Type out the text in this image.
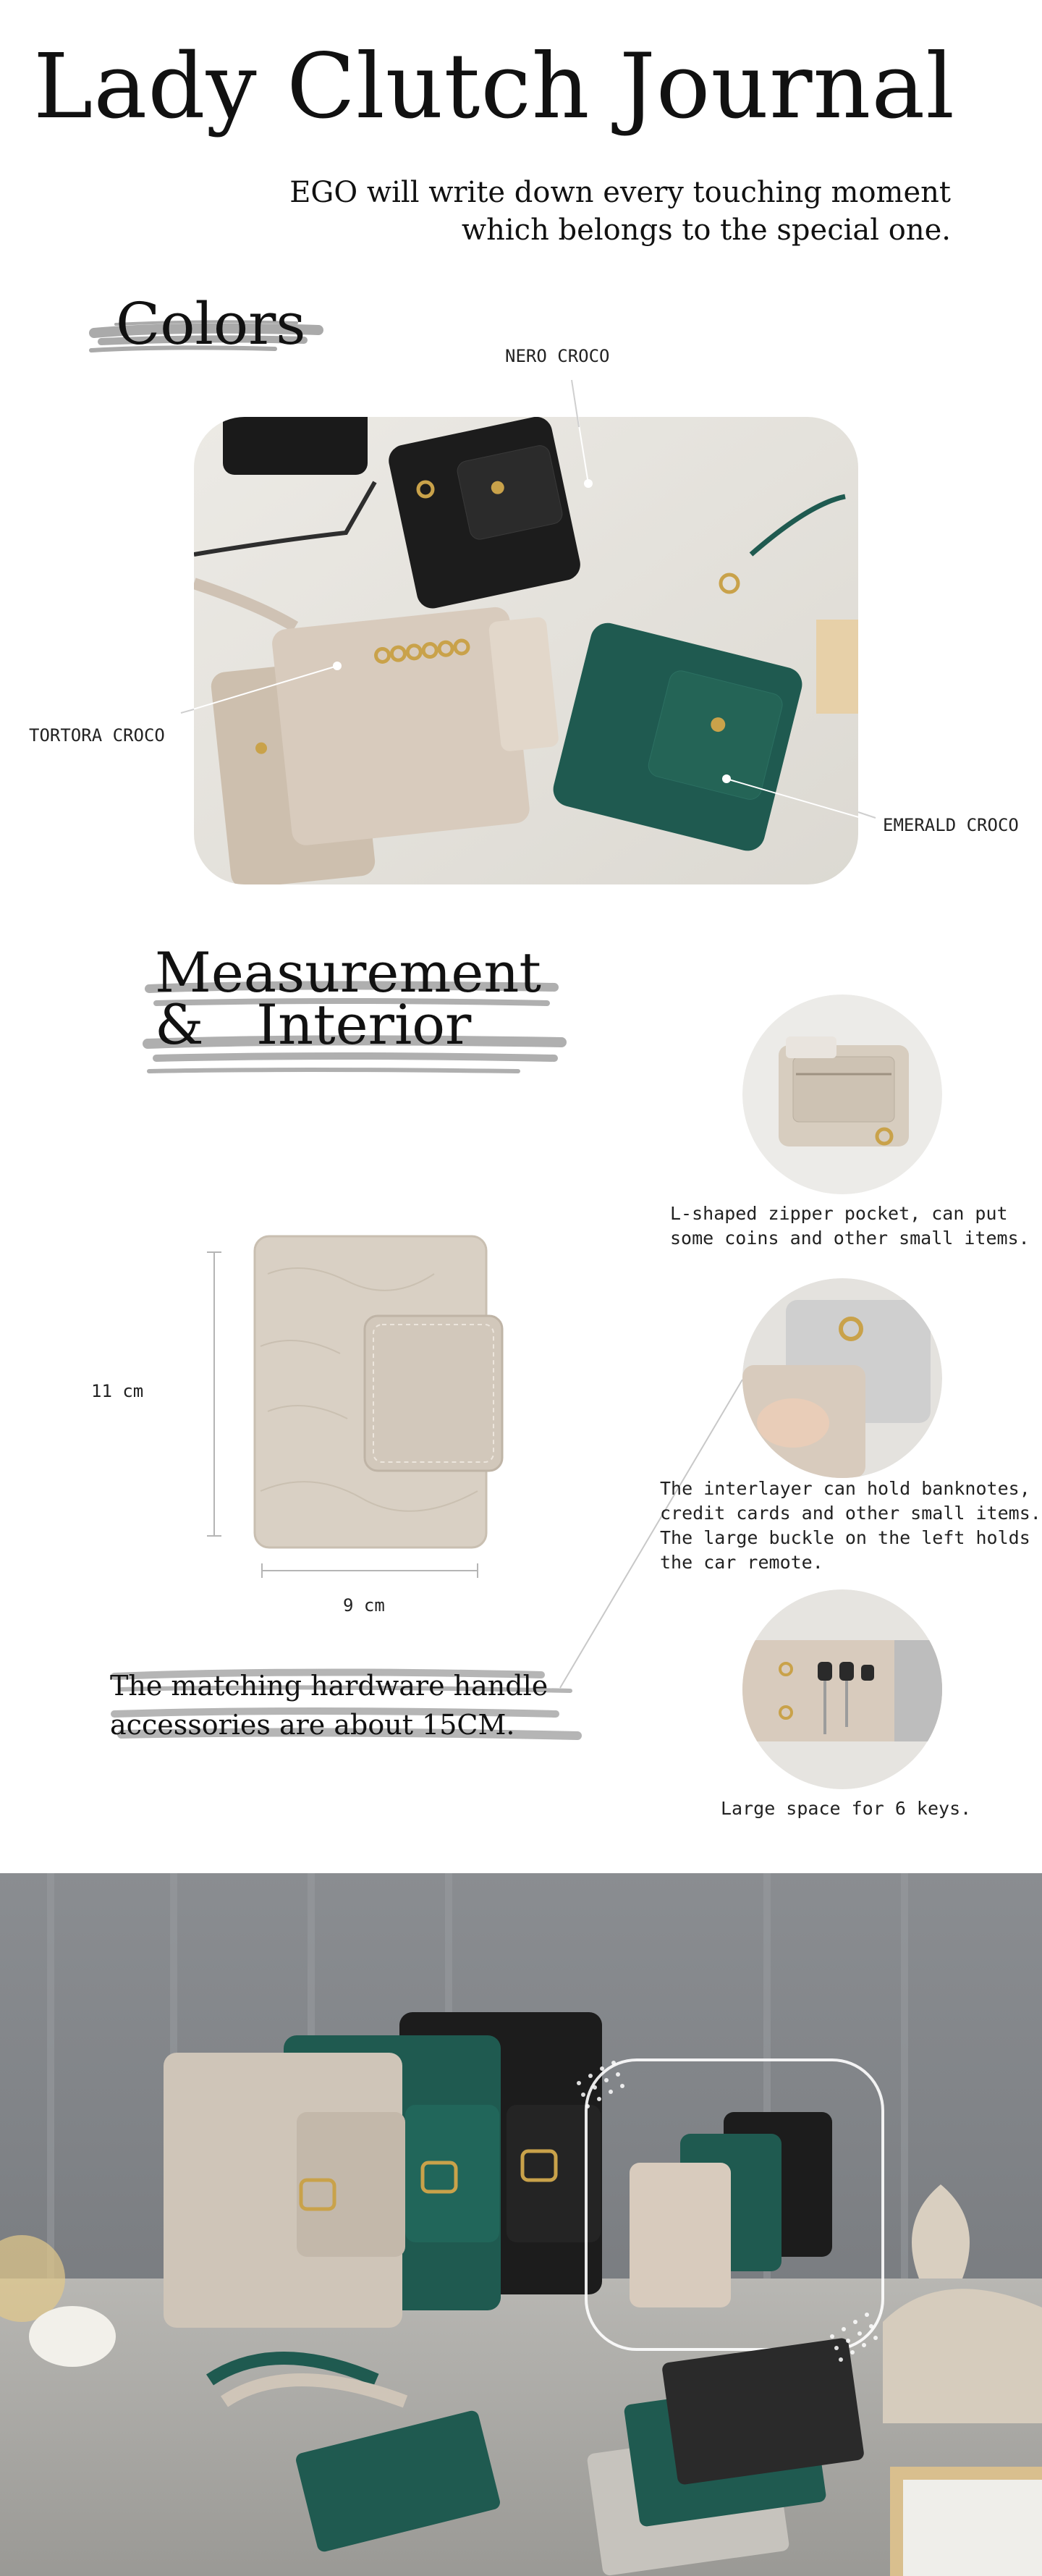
Lady Clutch Journal
EGO will write down every touching moment
which belongs to the special one.
Colors	NERO CROCO
TORTORA CROCO
EMERALD CROCO
Measurement
&   Interior
11 cm
9 cm
The matching hardware handle
accessories are about 15CM.
L-shaped zipper pocket, can put
some coins and other small items.
The interlayer can hold banknotes,
credit cards and other small items.
The large buckle on the left holds
the car remote.
Large space for 6 keys.
